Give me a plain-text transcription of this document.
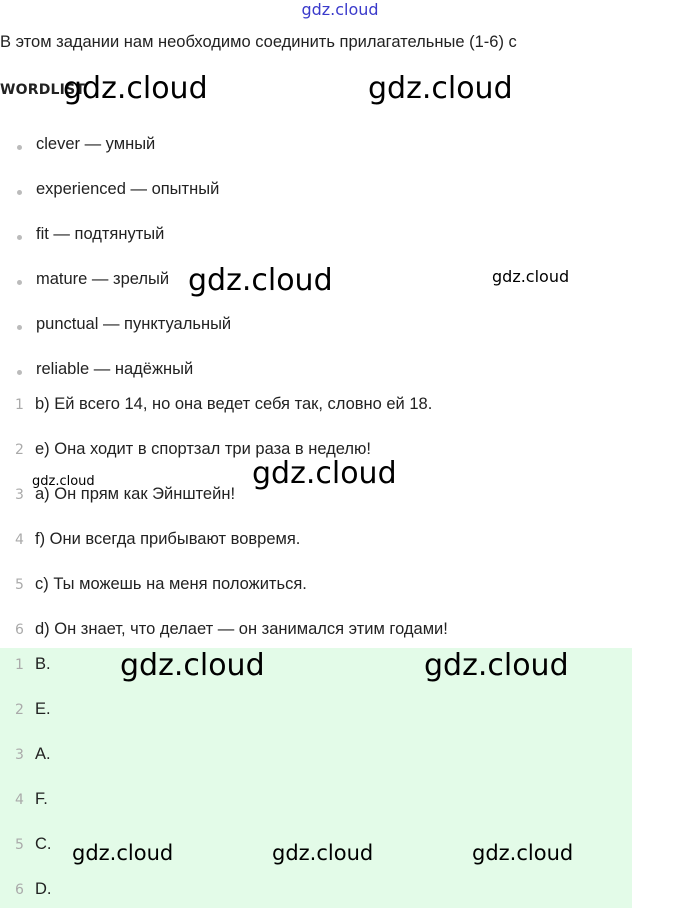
gdz.cloud
В этом задании нам необходимо соединить прилагательные (1-6) с
WORDLIST
clever — умный
experienced — опытный
fit — подтянутый
mature — зрелый
punctual — пунктуальный
reliable — надёжный
1 b) Ей всего 14, но она ведет себя так, словно ей 18.
2 e) Она ходит в спортзал три раза в неделю!
3 a) Он прям как Эйнштейн!
4 f) Они всегда прибывают вовремя.
5 c) Ты можешь на меня положиться.
6 d) Он знает, что делает — он занимался этим годами!
1 B.
2 E.
3 A.
4 F.
5 C.
6 D.
gdz.cloud	gdz.cloud
gdz.cloud	gdz.cloud
gdz.cloud
gdz.cloud
gdz.cloud	gdz.cloud
gdz.cloud	gdz.cloud	gdz.cloud
